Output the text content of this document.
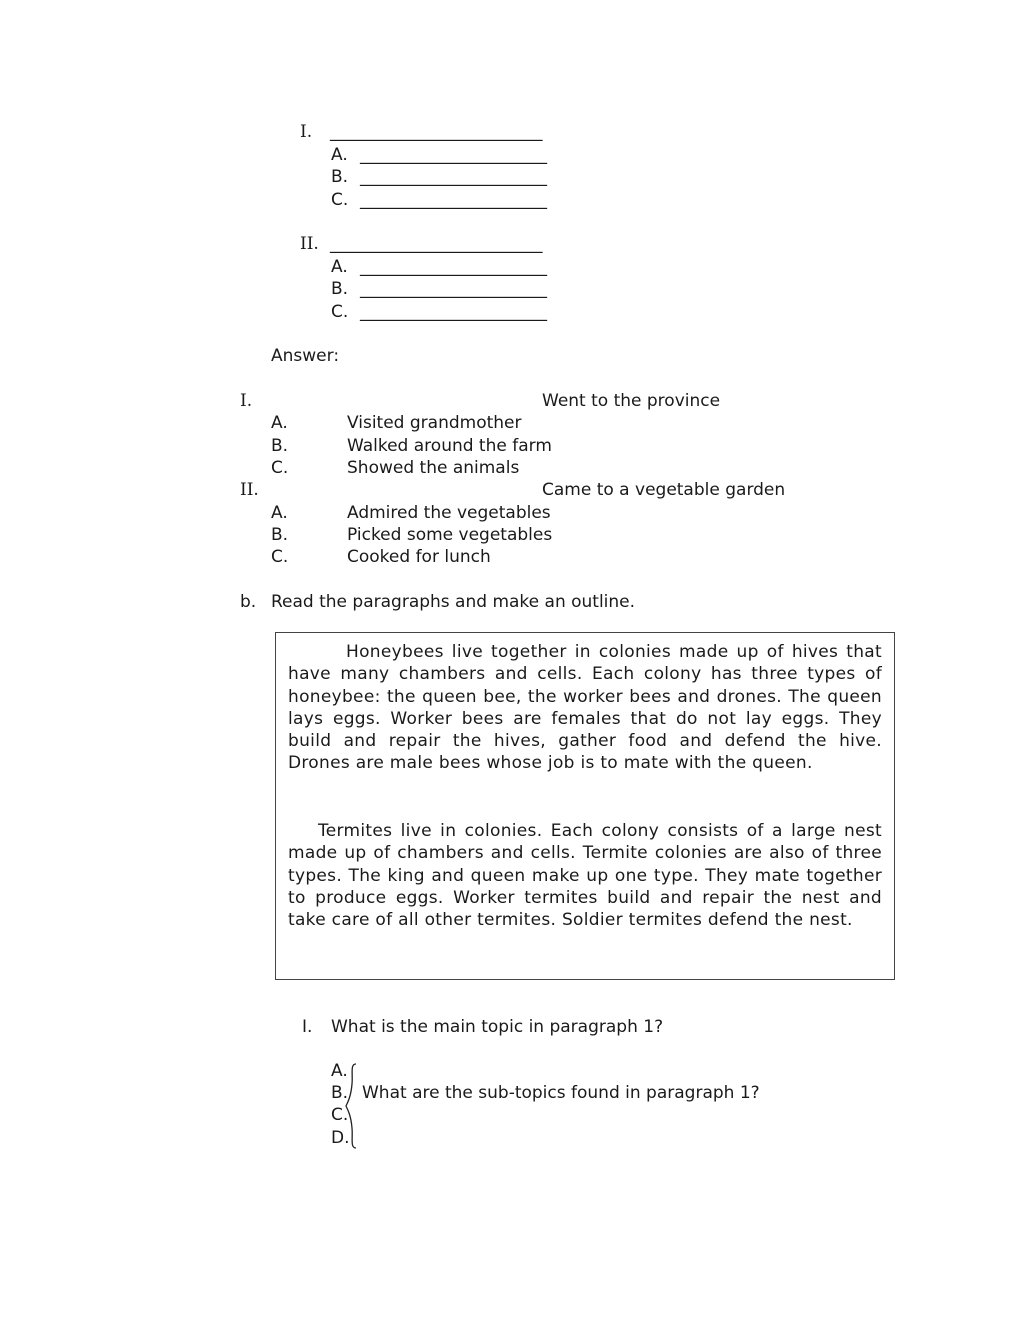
I. _________________________
A. ______________________
B. ______________________
C. ______________________
II. _________________________
A. ______________________
B. ______________________
C. ______________________
Answer:
I.	Went to the province
A.	Visited grandmother
B.	Walked around the farm
C.	Showed the animals
II.	Came to a vegetable garden
A.	Admired the vegetables
B.	Picked some vegetables
C.	Cooked for lunch
b. Read the paragraphs and make an outline.
Honeybees live together in colonies made up of hives that have many chambers and cells. Each colony has three types of honeybee: the queen bee, the worker bees and drones. The queen lays eggs. Worker bees are females that do not lay eggs. They build and repair the hives, gather food and defend the hive. Drones are male bees whose job is to mate with the queen.
Termites live in colonies. Each colony consists of a large nest made up of chambers and cells. Termite colonies are also of three types. The king and queen make up one type. They mate together to produce eggs. Worker termites build and repair the nest and take care of all other termites. Soldier termites defend the nest.
I. What is the main topic in paragraph 1?
A.
B.
C.
D.
What are the sub-topics found in paragraph 1?
